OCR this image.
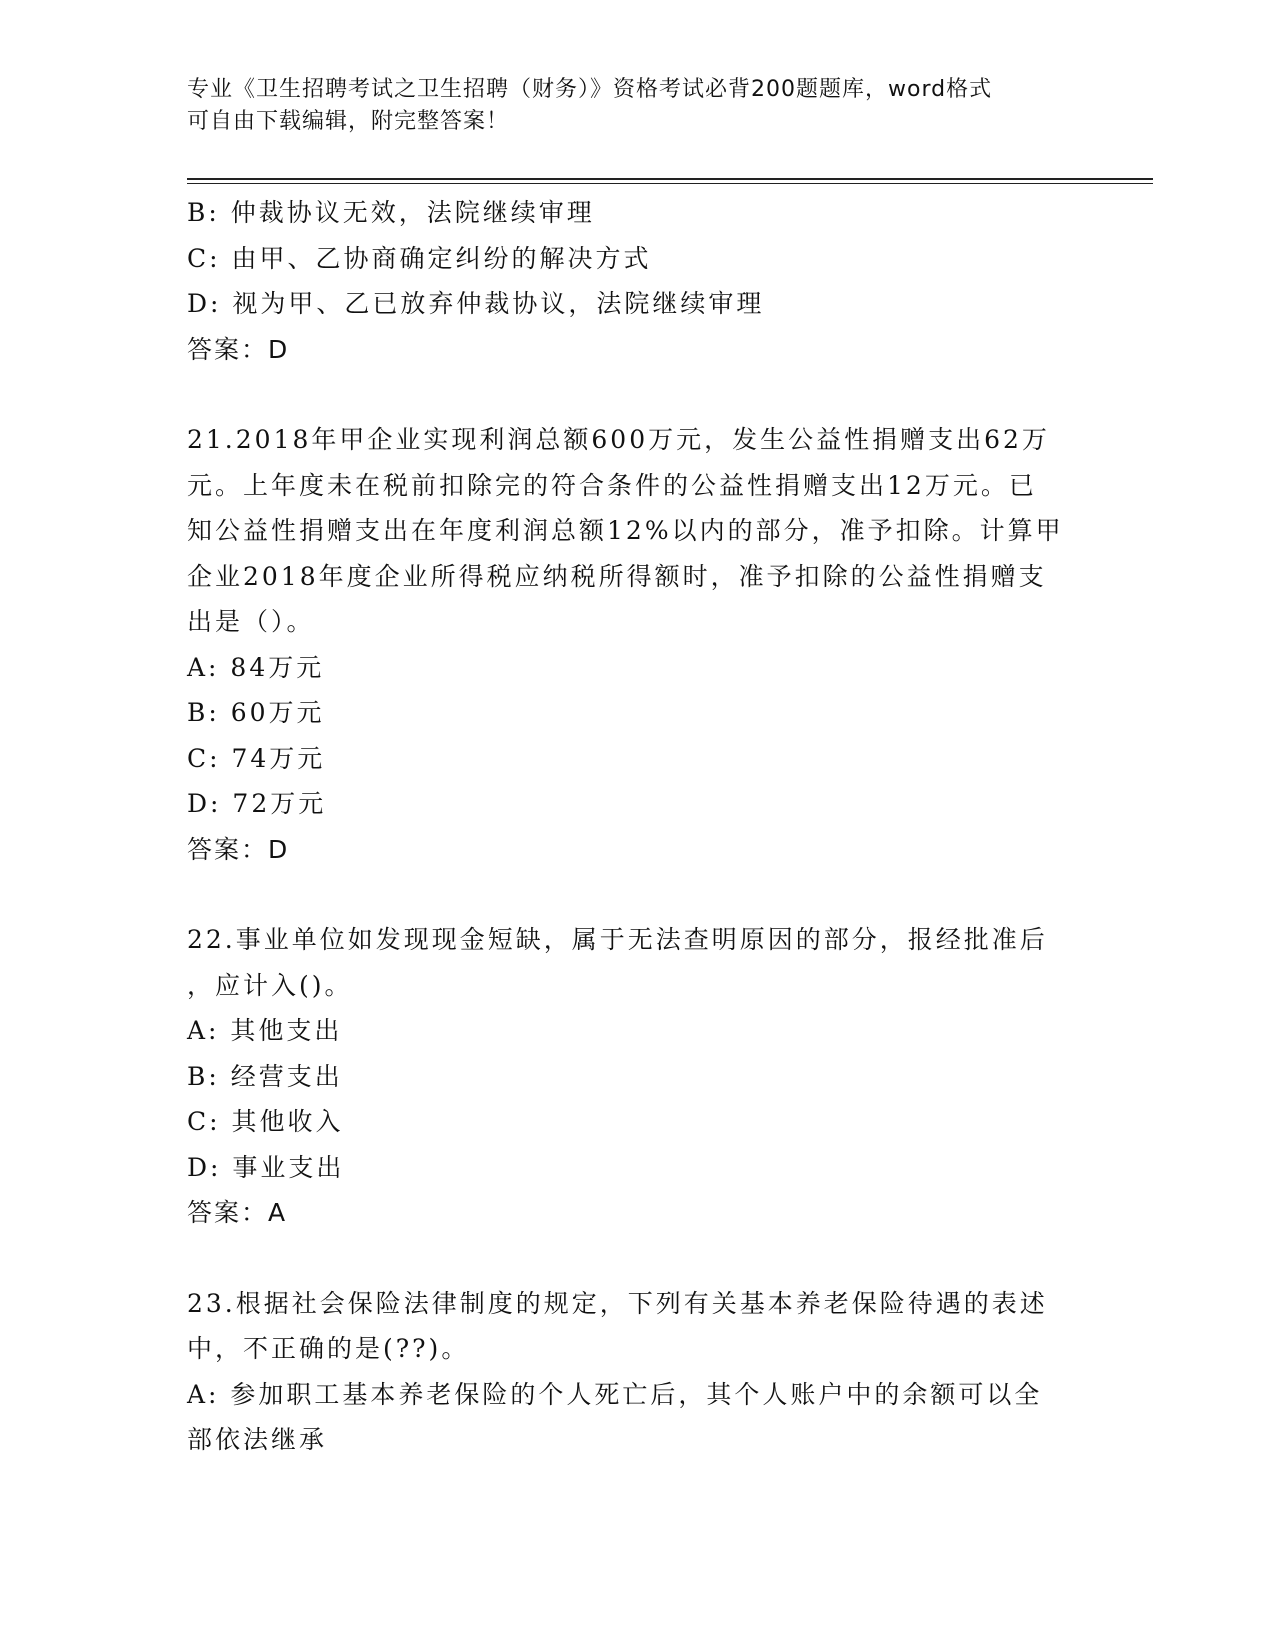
专业《卫生招聘考试之卫生招聘（财务）》资格考试必背200题题库，word格式
可自由下载编辑，附完整答案！
B: 仲裁协议无效，法院继续审理
C: 由甲、乙协商确定纠纷的解决方式
D: 视为甲、乙已放弃仲裁协议，法院继续审理
答案：D
21.2018年甲企业实现利润总额600万元，发生公益性捐赠支出62万
元。上年度未在税前扣除完的符合条件的公益性捐赠支出12万元。已
知公益性捐赠支出在年度利润总额12%以内的部分，准予扣除。计算甲
企业2018年度企业所得税应纳税所得额时，准予扣除的公益性捐赠支
出是（）。
A: 84万元
B: 60万元
C: 74万元
D: 72万元
答案：D
22.事业单位如发现现金短缺，属于无法查明原因的部分，报经批准后
，应计入()。
A: 其他支出
B: 经营支出
C: 其他收入
D: 事业支出
答案：A
23.根据社会保险法律制度的规定，下列有关基本养老保险待遇的表述
中，不正确的是(??)。
A: 参加职工基本养老保险的个人死亡后，其个人账户中的余额可以全
部依法继承
